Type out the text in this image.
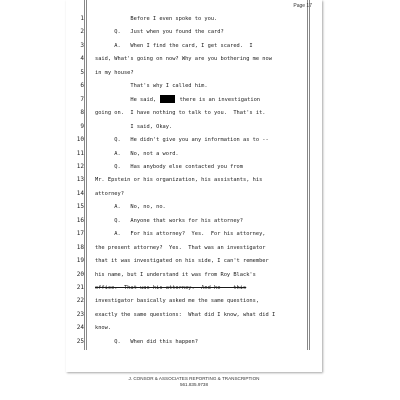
Page 17
1 Before I even spoke to you.
2 Q.   Just when you found the card?
3 A.   When I find the card, I get scared.  I
4 said, What's going on now? Why are you bothering me now
5 in my house?
6 That's why I called him.
7 He said,	there is an investigation
8 going on.  I have nothing to talk to you.  That's it.
9 I said, Okay.
10 Q.   He didn't give you any information as to --
11 A.   No, not a word.
12 Q.   Has anybody else contacted you from
13 Mr. Epstein or his organization, his assistants, his
14 attorney?
15 A.   No, no, no.
16 Q.   Anyone that works for his attorney?
17 A.   For his attorney?  Yes.  For his attorney,
18 the present attorney?  Yes.  That was an investigator
19 that it was investigated on his side, I can't remember
20 his name, but I understand it was from Roy Black's
21 office.  That was his attorney.  And he -- this
22 investigator basically asked me the same questions,
23 exactly the same questions:  What did I know, what did I
24 know.
25 Q.   When did this happen?
J. CONSOR & ASSOCIATES REPORTING & TRANSCRIPTION
561.835.9738
